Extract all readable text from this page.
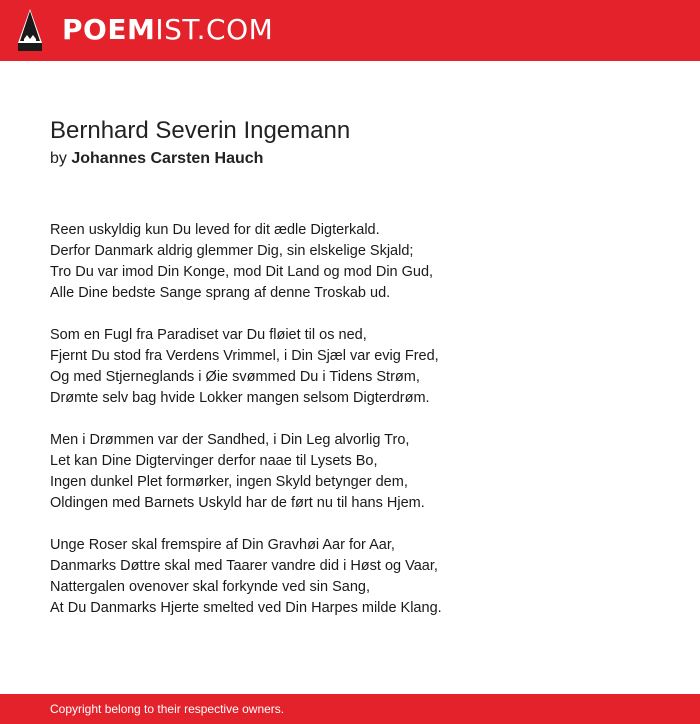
POEMIST.COM
Bernhard Severin Ingemann
by Johannes Carsten Hauch
Reen uskyldig kun Du leved for dit ædle Digterkald.
Derfor Danmark aldrig glemmer Dig, sin elskelige Skjald;
Tro Du var imod Din Konge, mod Dit Land og mod Din Gud,
Alle Dine bedste Sange sprang af denne Troskab ud.
Som en Fugl fra Paradiset var Du fløiet til os ned,
Fjernt Du stod fra Verdens Vrimmel, i Din Sjæl var evig Fred,
Og med Stjerneglands i Øie svømmed Du i Tidens Strøm,
Drømte selv bag hvide Lokker mangen selsom Digterdrøm.
Men i Drømmen var der Sandhed, i Din Leg alvorlig Tro,
Let kan Dine Digtervinger derfor naae til Lysets Bo,
Ingen dunkel Plet formørker, ingen Skyld betynger dem,
Oldingen med Barnets Uskyld har de ført nu til hans Hjem.
Unge Roser skal fremspire af Din Gravhøi Aar for Aar,
Danmarks Døttre skal med Taarer vandre did i Høst og Vaar,
Nattergalen ovenover skal forkynde ved sin Sang,
At Du Danmarks Hjerte smelted ved Din Harpes milde Klang.
Copyright belong to their respective owners.
